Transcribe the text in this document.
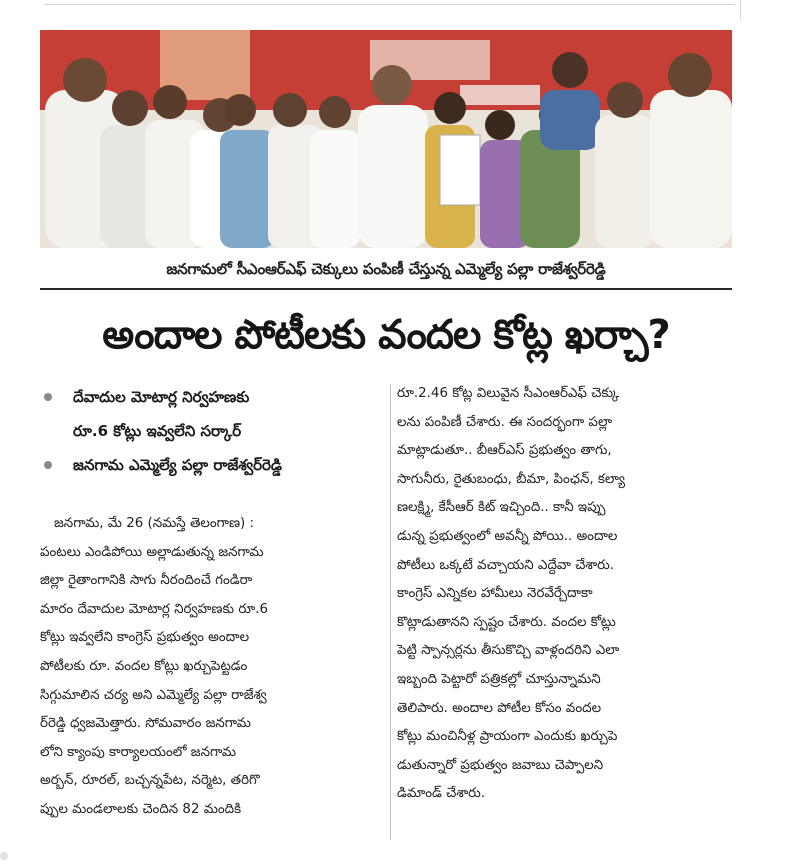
జనగామలో సీఎంఆర్ఎఫ్ చెక్కులు పంపిణీ చేస్తున్న ఎమ్మెల్యే పల్లా రాజేశ్వర్‌రెడ్డి
అందాల పోటీలకు వందల కోట్ల ఖర్చా?
దేవాదుల మోటార్ల నిర్వహణకు
రూ.6 కోట్లు ఇవ్వలేని సర్కార్
జనగామ ఎమ్మెల్యే పల్లా రాజేశ్వర్‌రెడ్డి
జనగామ, మే 26 (నమస్తే తెలంగాణ) :
పంటలు ఎండిపోయి అల్లాడుతున్న జనగామ
జిల్లా రైతాంగానికి సాగు నీరందించే గండిరా
మారం దేవాదుల మోటార్ల నిర్వహణకు రూ.6
కోట్లు ఇవ్వలేని కాంగ్రెస్ ప్రభుత్వం అందాల
పోటీలకు రూ. వందల కోట్లు ఖర్చుపెట్టడం
సిగ్గుమాలిన చర్య అని ఎమ్మెల్యే పల్లా రాజేశ్వ
ర్‌రెడ్డి ధ్వజమెత్తారు. సోమవారం జనగామ
లోని క్యాంపు కార్యాలయంలో జనగామ
అర్బన్, రూరల్, బచ్చన్నపేట, నర్మెట, తరిగొ
ప్పుల మండలాలకు చెందిన 82 మందికి
రూ.2.46 కోట్ల విలువైన సీఎంఆర్ఎఫ్ చెక్కు
లను పంపిణీ చేశారు. ఈ సందర్భంగా పల్లా
మాట్లాడుతూ.. బీఆర్ఎస్ ప్రభుత్వం తాగు,
సాగునీరు, రైతుబంధు, బీమా, పింఛన్, కల్యా
ణలక్ష్మి, కేసీఆర్ కిట్ ఇచ్చింది.. కానీ ఇప్పు
డున్న ప్రభుత్వంలో అవన్నీ పోయి.. అందాల
పోటీలు ఒక్కటే వచ్చాయని ఎద్దేవా చేశారు.
కాంగ్రెస్ ఎన్నికల హామీలు నెరవేర్చేదాకా
కొట్లాడుతానని స్పష్టం చేశారు. వందల కోట్లు
పెట్టి స్పాన్సర్లను తీసుకొచ్చి వాళ్లందరిని ఎలా
ఇబ్బంది పెట్టారో పత్రికల్లో చూస్తున్నామని
తెలిపారు. అందాల పోటీల కోసం వందల
కోట్లు మంచినీళ్ల ప్రాయంగా ఎందుకు ఖర్చుపె
డుతున్నారో ప్రభుత్వం జవాబు చెప్పాలని
డిమాండ్ చేశారు.
